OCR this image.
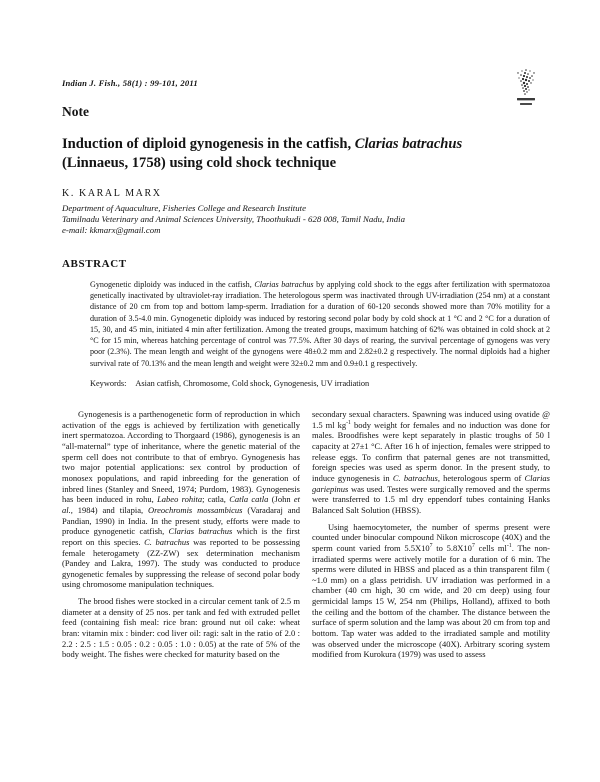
Indian J. Fish., 58(1) : 99-101, 2011
Note
Induction of diploid gynogenesis in the catfish, Clarias batrachus
(Linnaeus, 1758) using cold shock technique
K. KARAL MARX
Department of Aquaculture, Fisheries College and Research Institute
Tamilnadu Veterinary and Animal Sciences University, Thoothukudi - 628 008, Tamil Nadu, India
e-mail: kkmarx@gmail.com
ABSTRACT
Gynogenetic diploidy was induced in the catfish, Clarias batrachus by applying cold shock to the eggs after fertilization with spermatozoa genetically inactivated by ultraviolet-ray irradiation. The heterologous sperm was inactivated through UV-irradiation (254 nm) at a constant distance of 20 cm from top and bottom lamp-sperm. Irradiation for a duration of 60-120 seconds showed more than 70% motility for a duration of 3.5-4.0 min. Gynogenetic diploidy was induced by restoring second polar body by cold shock at 1 °C and 2 °C for a duration of 15, 30, and 45 min, initiated 4 min after fertilization. Among the treated groups, maximum hatching of 62% was obtained in cold shock at 2 °C for 15 min, whereas hatching percentage of control was 77.5%. After 30 days of rearing, the survival percentage of gynogens was very poor (2.3%). The mean length and weight of the gynogens were 48±0.2 mm and 2.82±0.2 g respectively. The normal diploids had a higher survival rate of 70.13% and the mean length and weight were 32±0.2 mm and 0.9±0.1 g respectively.
Keywords: Asian catfish, Chromosome, Cold shock, Gynogenesis, UV irradiation

Gynogenesis is a parthenogenetic form of reproduction in which activation of the eggs is achieved by fertilization with genetically inert spermatozoa. According to Thorgaard (1986), gynogenesis is an “all-maternal” type of inheritance, where the genetic material of the sperm cell does not contribute to that of embryo. Gynogenesis has two major potential applications: sex control by production of monosex populations, and rapid inbreeding for the generation of inbred lines (Stanley and Sneed, 1974; Purdom, 1983). Gynogenesis has been induced in rohu, Labeo rohita; catla, Catla catla (John et al., 1984) and tilapia, Oreochromis mossambicus (Varadaraj and Pandian, 1990) in India. In the present study, efforts were made to produce gynogenetic catfish, Clarias batrachus which is the first report on this species. C. batrachus was reported to be possessing female heterogamety (ZZ-ZW) sex determination mechanism (Pandey and Lakra, 1997). The study was conducted to produce gynogenetic females by suppressing the release of second polar body using chromosome manipulation techniques.

The brood fishes were stocked in a circular cement tank of 2.5 m diameter at a density of 25 nos. per tank and fed with extruded pellet feed (containing fish meal: rice bran: ground nut oil cake: wheat bran: vitamin mix : binder: cod liver oil: ragi: salt in the ratio of 2.0 : 2.2 : 2.5 : 1.5 : 0.05 : 0.2 : 0.05 : 1.0 : 0.05) at the rate of 5% of the body weight. The fishes were checked for maturity based on the

secondary sexual characters. Spawning was induced using ovatide @ 1.5 ml $kg^{-1}$ body weight for females and no induction was done for males. Broodfishes were kept separately in plastic troughs of 50 l capacity at 27±1 °C. After 16 h of injection, females were stripped to release eggs. To confirm that paternal genes are not transmitted, foreign species was used as sperm donor. In the present study, to induce gynogenesis in C. batrachus, heterologous sperm of Clarias gariepinus was used. Testes were surgically removed and the sperms were transferred to 1.5 ml dry eppendorf tubes containing Hanks Balanced Salt Solution (HBSS).

Using haemocytometer, the number of sperms present were counted under binocular compound Nikon microscope (40X) and the sperm count varied from $5.5X10^7$ to $5.8X10^7$ cells $ml^{-1}$. The non-irradiated sperms were actively motile for a duration of 6 min. The sperms were diluted in HBSS and placed as a thin transparent film ( ~1.0 mm) on a glass petridish. UV irradiation was performed in a chamber (40 cm high, 30 cm wide, and 20 cm deep) using four germicidal lamps 15 W, 254 nm (Philips, Holland), affixed to both the ceiling and the bottom of the chamber. The distance between the surface of sperm solution and the lamp was about 20 cm from top and bottom. Tap water was added to the irradiated sample and motility was observed under the microscope (40X). Arbitrary scoring system modified from Kurokura (1979) was used to assess
